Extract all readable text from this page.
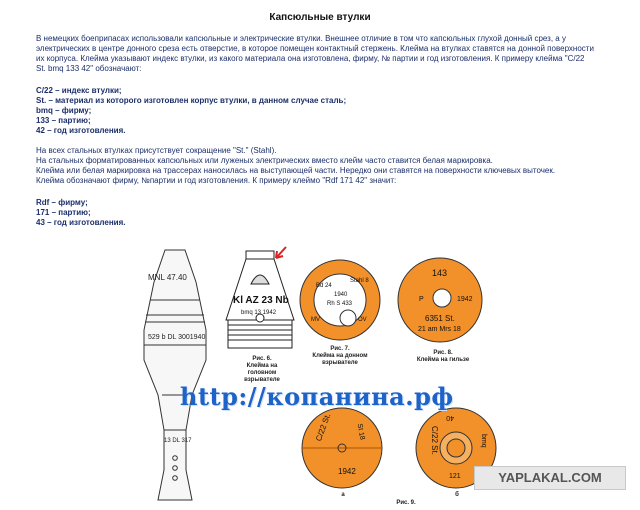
Капсюльные втулки

В немецких боеприпасах использовали капсюльные и электрические втулки. Внешнее отличие в том что капсюльных глухой донный срез, а у электрических в центре донного среза есть отверстие, в которое помещен контактный стержень. Клейма на втулках ставятся на донной поверхности их корпуса. Клейма указывают индекс втулки, из какого материала она изготовлена, фирму, № партии и год изготовления. К примеру клейма "С/22 St. bmq 133 42" обозначают:

С/22 – индекс втулки;

St. – материал из которого изготовлен корпус втулки, в данном случае сталь;

bmq – фирму;

133 – партию;

42 – год изготовления.

На всех стальных втулках присутствует сокращение "St." (Stahl).

На стальных форматированных капсюльных или луженых электрических вместо клейм часто ставится белая маркировка.

Клейма или белая маркировка на трассерах наносилась на выступающей части. Нередко они ставятся на поверхности ключевых выточек.

Клейма обозначают фирму, №партии и год изготовления. К примеру клеймо "Rdf 171 42" значит:

Rdf – фирму;

171 – партию;

43 – год изготовления.

MNL 47.40
529 b DL 3001940
13 DL 317
Kl AZ 23 Nb
bmq 13 1942
Bd 24
Stahl 8
1940
Rh S 433
MV	OV
143
P	1942
6351 St.
21 am Mrs 18
C/22 St.	St 18
1942
C/22 St.	bmq
40
121
Рис. 6.
Клейма на головном
взрывателе
Рис. 7.
Клейма на донном
взрывателе
Рис. 8.
Клейма на гильзе
а	б
Рис. 9.
http://копанина.рф
YAPLAKAL.COM
